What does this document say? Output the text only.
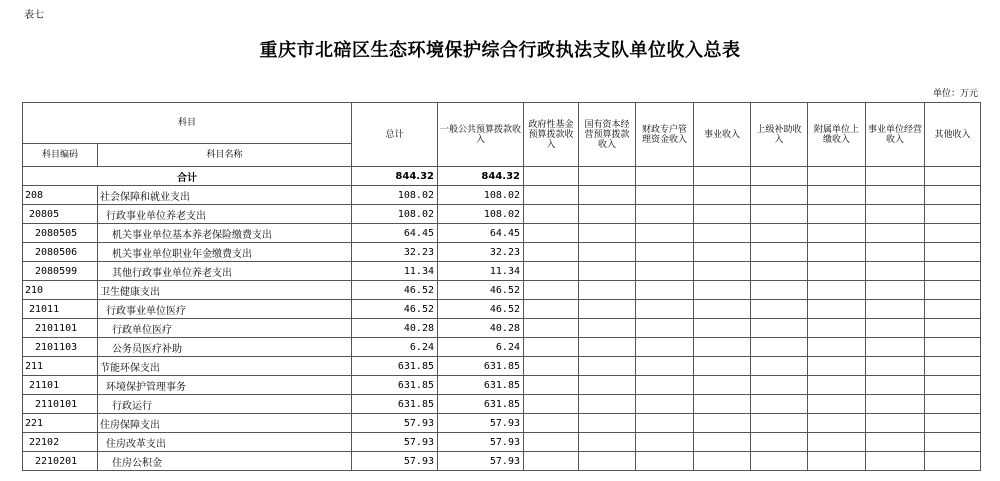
表七
重庆市北碚区生态环境保护综合行政执法支队单位收入总表
单位：万元
科目		总计	一般公共预算拨款收入	政府性基金预算拨款收入	国有资本经营预算拨款收入	财政专户管理资金收入	事业收入	上级补助收入	附属单位上缴收入	事业单位经营收入	其他收入
科目编码	科目名称										
合计		844.32	844.32								
208	社会保障和就业支出	108.02	108.02								
20805	行政事业单位养老支出	108.02	108.02								
2080505	机关事业单位基本养老保险缴费支出	64.45	64.45								
2080506	机关事业单位职业年金缴费支出	32.23	32.23								
2080599	其他行政事业单位养老支出	11.34	11.34								
210	卫生健康支出	46.52	46.52								
21011	行政事业单位医疗	46.52	46.52								
2101101	行政单位医疗	40.28	40.28								
2101103	公务员医疗补助	6.24	6.24								
211	节能环保支出	631.85	631.85								
21101	环境保护管理事务	631.85	631.85								
2110101	行政运行	631.85	631.85								
221	住房保障支出	57.93	57.93								
22102	住房改革支出	57.93	57.93								
2210201	住房公积金	57.93	57.93								
